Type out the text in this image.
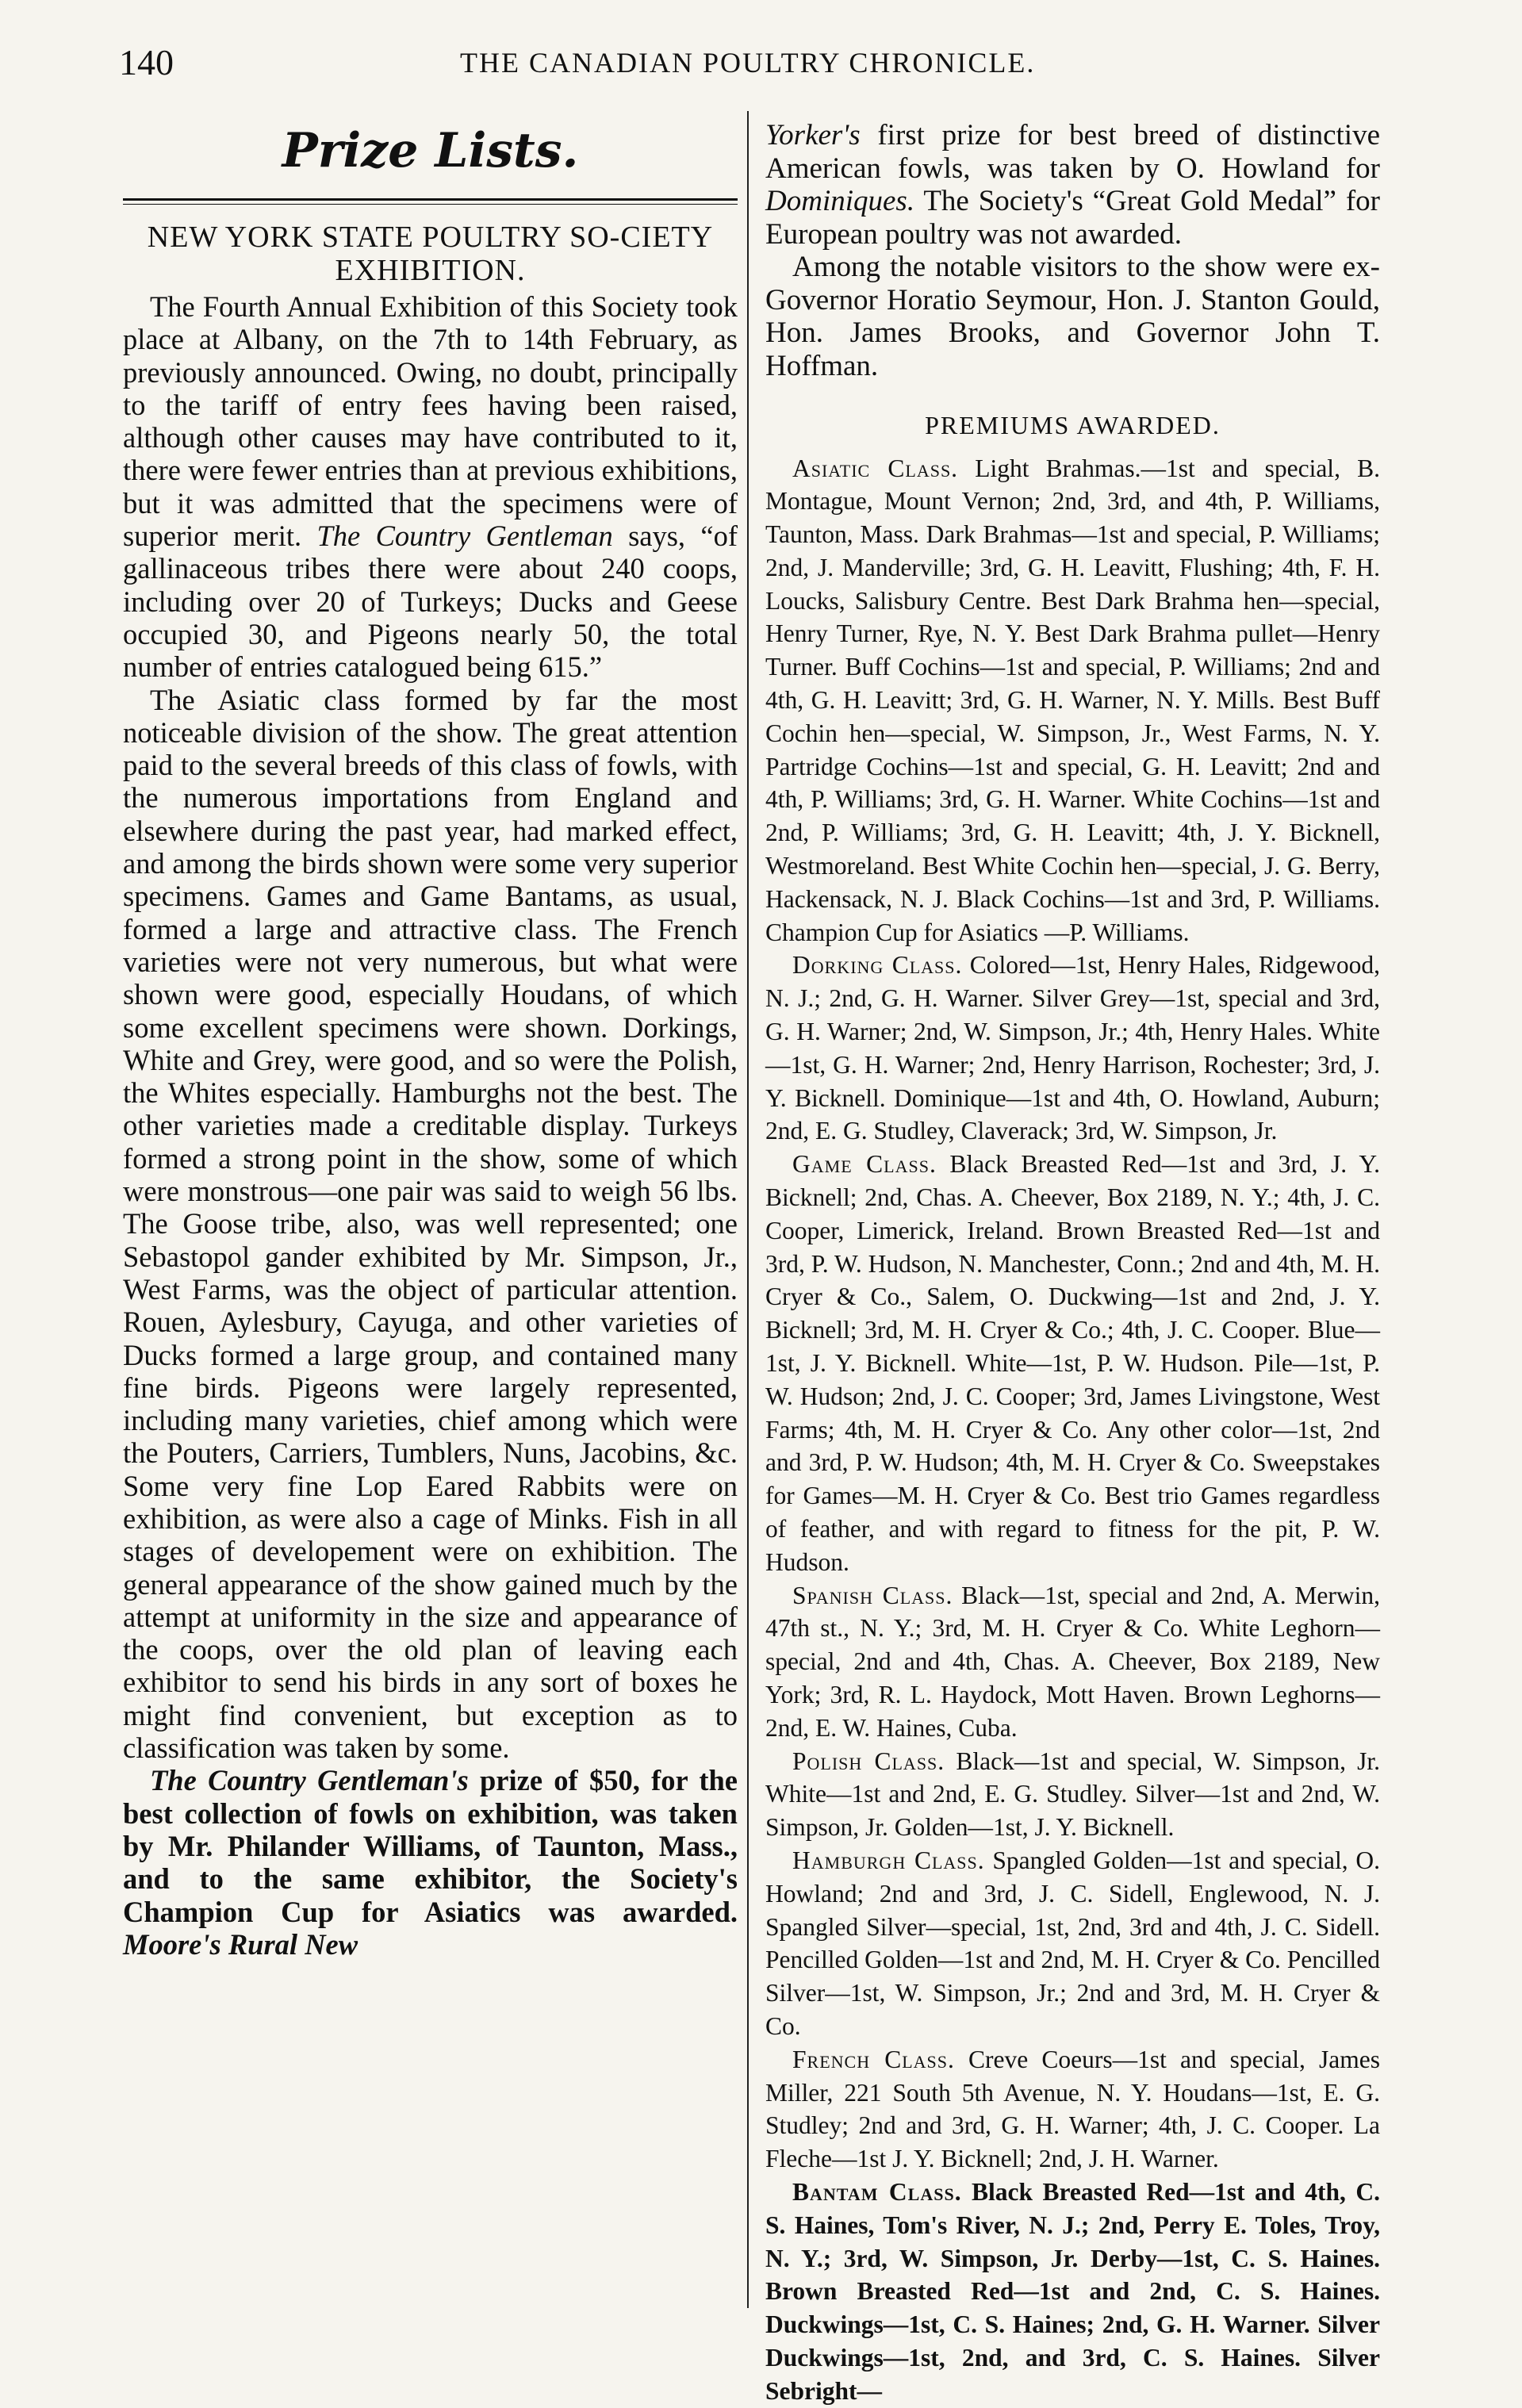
140	THE CANADIAN POULTRY CHRONICLE.
Prize Lists.
NEW YORK STATE POULTRY SO-CIETY EXHIBITION.

The Fourth Annual Exhibition of this Society took place at Albany, on the 7th to 14th February, as previously announced. Owing, no doubt, principally to the tariff of entry fees having been raised, although other causes may have contributed to it, there were fewer entries than at previous exhibitions, but it was admitted that the specimens were of superior merit. The Country Gentleman says, “of gallinaceous tribes there were about 240 coops, including over 20 of Turkeys; Ducks and Geese occupied 30, and Pigeons nearly 50, the total number of entries catalogued being 615.”

The Asiatic class formed by far the most noticeable division of the show. The great attention paid to the several breeds of this class of fowls, with the numerous importations from England and elsewhere during the past year, had marked effect, and among the birds shown were some very superior specimens. Games and Game Bantams, as usual, formed a large and attractive class. The French varieties were not very numerous, but what were shown were good, especially Houdans, of which some excellent specimens were shown. Dorkings, White and Grey, were good, and so were the Polish, the Whites especially. Hamburghs not the best. The other varieties made a creditable display. Turkeys formed a strong point in the show, some of which were monstrous—one pair was said to weigh 56 lbs. The Goose tribe, also, was well represented; one Sebastopol gander exhibited by Mr. Simpson, Jr., West Farms, was the object of particular attention. Rouen, Aylesbury, Cayuga, and other varieties of Ducks formed a large group, and contained many fine birds. Pigeons were largely represented, including many varieties, chief among which were the Pouters, Carriers, Tumblers, Nuns, Jacobins, &c. Some very fine Lop Eared Rabbits were on exhibition, as were also a cage of Minks. Fish in all stages of developement were on exhibition. The general appearance of the show gained much by the attempt at uniformity in the size and appearance of the coops, over the old plan of leaving each exhibitor to send his birds in any sort of boxes he might find convenient, but exception as to classification was taken by some.

The Country Gentleman's prize of $50, for the best collection of fowls on exhibition, was taken by Mr. Philander Williams, of Taunton, Mass., and to the same exhibitor, the Society's Champion Cup for Asiatics was awarded. Moore's Rural New

Yorker's first prize for best breed of distinctive American fowls, was taken by O. Howland for Dominiques. The Society's “Great Gold Medal” for European poultry was not awarded.

Among the notable visitors to the show were ex-Governor Horatio Seymour, Hon. J. Stanton Gould, Hon. James Brooks, and Governor John T. Hoffman.

PREMIUMS AWARDED.

Asiatic Class. Light Brahmas.—1st and special, B. Montague, Mount Vernon; 2nd, 3rd, and 4th, P. Williams, Taunton, Mass. Dark Brahmas—1st and special, P. Williams; 2nd, J. Manderville; 3rd, G. H. Leavitt, Flushing; 4th, F. H. Loucks, Salisbury Centre. Best Dark Brahma hen—special, Henry Turner, Rye, N. Y. Best Dark Brahma pullet—Henry Turner. Buff Cochins—1st and special, P. Williams; 2nd and 4th, G. H. Leavitt; 3rd, G. H. Warner, N. Y. Mills. Best Buff Cochin hen—special, W. Simpson, Jr., West Farms, N. Y. Partridge Cochins—1st and special, G. H. Leavitt; 2nd and 4th, P. Williams; 3rd, G. H. Warner. White Cochins—1st and 2nd, P. Williams; 3rd, G. H. Leavitt; 4th, J. Y. Bicknell, Westmoreland. Best White Cochin hen—special, J. G. Berry, Hackensack, N. J. Black Cochins—1st and 3rd, P. Williams. Champion Cup for Asiatics —P. Williams.

Dorking Class. Colored—1st, Henry Hales, Ridgewood, N. J.; 2nd, G. H. Warner. Silver Grey—1st, special and 3rd, G. H. Warner; 2nd, W. Simpson, Jr.; 4th, Henry Hales. White—1st, G. H. Warner; 2nd, Henry Harrison, Rochester; 3rd, J. Y. Bicknell. Dominique—1st and 4th, O. Howland, Auburn; 2nd, E. G. Studley, Claverack; 3rd, W. Simpson, Jr.

Game Class. Black Breasted Red—1st and 3rd, J. Y. Bicknell; 2nd, Chas. A. Cheever, Box 2189, N. Y.; 4th, J. C. Cooper, Limerick, Ireland. Brown Breasted Red—1st and 3rd, P. W. Hudson, N. Manchester, Conn.; 2nd and 4th, M. H. Cryer & Co., Salem, O. Duckwing—1st and 2nd, J. Y. Bicknell; 3rd, M. H. Cryer & Co.; 4th, J. C. Cooper. Blue—1st, J. Y. Bicknell. White—1st, P. W. Hudson. Pile—1st, P. W. Hudson; 2nd, J. C. Cooper; 3rd, James Livingstone, West Farms; 4th, M. H. Cryer & Co. Any other color—1st, 2nd and 3rd, P. W. Hudson; 4th, M. H. Cryer & Co. Sweepstakes for Games—M. H. Cryer & Co. Best trio Games regardless of feather, and with regard to fitness for the pit, P. W. Hudson.

Spanish Class. Black—1st, special and 2nd, A. Merwin, 47th st., N. Y.; 3rd, M. H. Cryer & Co. White Leghorn—special, 2nd and 4th, Chas. A. Cheever, Box 2189, New York; 3rd, R. L. Haydock, Mott Haven. Brown Leghorns—2nd, E. W. Haines, Cuba.

Polish Class. Black—1st and special, W. Simpson, Jr. White—1st and 2nd, E. G. Studley. Silver—1st and 2nd, W. Simpson, Jr. Golden—1st, J. Y. Bicknell.

Hamburgh Class. Spangled Golden—1st and special, O. Howland; 2nd and 3rd, J. C. Sidell, Englewood, N. J. Spangled Silver—special, 1st, 2nd, 3rd and 4th, J. C. Sidell. Pencilled Golden—1st and 2nd, M. H. Cryer & Co. Pencilled Silver—1st, W. Simpson, Jr.; 2nd and 3rd, M. H. Cryer & Co.

French Class. Creve Coeurs—1st and special, James Miller, 221 South 5th Avenue, N. Y. Houdans—1st, E. G. Studley; 2nd and 3rd, G. H. Warner; 4th, J. C. Cooper. La Fleche—1st J. Y. Bicknell; 2nd, J. H. Warner.

Bantam Class. Black Breasted Red—1st and 4th, C. S. Haines, Tom's River, N. J.; 2nd, Perry E. Toles, Troy, N. Y.; 3rd, W. Simpson, Jr. Derby—1st, C. S. Haines. Brown Breasted Red—1st and 2nd, C. S. Haines. Duckwings—1st, C. S. Haines; 2nd, G. H. Warner. Silver Duckwings—1st, 2nd, and 3rd, C. S. Haines. Silver Sebright—
